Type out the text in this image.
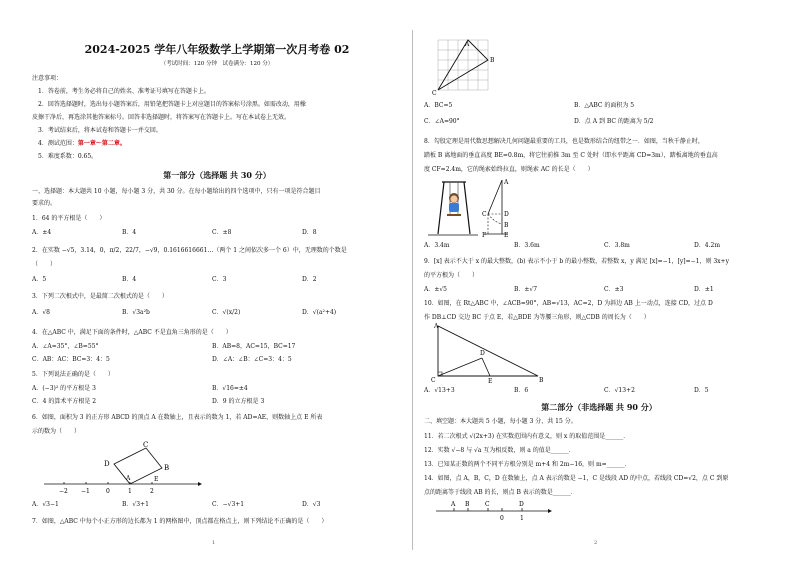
2024-2025 学年八年级数学上学期第一次月考卷 02
（考试时间：120 分钟　试卷满分：120 分）
注意事项：
1．答卷前，考生务必将自己的姓名、准考证号填写在答题卡上。
2．回答选择题时，选出每小题答案后，用铅笔把答题卡上对应题目的答案标号涂黑。如需改动，用橡
皮擦干净后，再选涂其他答案标号。回答非选择题时，将答案写在答题卡上。写在本试卷上无效。
3．考试结束后，将本试卷和答题卡一并交回。
4．测试范围：第一章～第二章。
5．难度系数：0.65。
第一部分（选择题 共 30 分）
一、选择题：本大题共 10 小题，每小题 3 分，共 30 分。在每小题给出的四个选项中，只有一项是符合题目
要求的。
1．64 的平方根是（　　）
A．±4	B．4	C．±8	D．8
2．在实数 −√5，3.14，0，π/2，22/7，−√9，0.1616616661…（两个 1 之间依次多一个 6）中，无理数的个数是
（　　）
A．5	B．4	C．3	D．2
3．下列二次根式中，是最简二次根式的是（　　）
A．√8	B．√3a²b	C．√(x/2)	D．√(a²+4)
4．在△ABC 中，满足下面的条件时，△ABC 不是直角三角形的是（　　）
A．∠A=35°，∠B=55°	B．AB=8，AC=15，BC=17
C．AB：AC：BC=3：4：5	D．∠A：∠B：∠C=3：4：5
5．下列说法正确的是（　　）
A．(−3)² 的平方根是 3	B．√16=±4
C．4 的算术平方根是 2	D．9 的立方根是 3
6．如图，面积为 3 的正方形 ABCD 的顶点 A 在数轴上，且表示的数为 1，若 AD=AE，则数轴上点 E 所表
示的数为（　　）
D
C
B
A	E
−2 −1	0	1	2
A．√3−1	B．√3+1	C．−√3+1	D．√3
7．如图，△ABC 中每个小正方形的边长都为 1 的网格图中，顶点都在格点上，则下列结论不正确的是（　　）
1
A
B
C
A．BC=5	B．△ABC 的面积为 5
C．∠A=90°	D．点 A 到 BC 的距离为 5/2
8．勾股定理是用代数思想解决几何问题最重要的工具，也是数形结合的纽带之一．如图，当秋千静止时，
踏板 B 离地面的垂直高度 BE=0.8m，将它往前推 3m 至 C 处时（即水平距离 CD=3m），踏板离地的垂直高
度 CF=2.4m，它的绳索始终拉直，则绳索 AC 的长是（　　）
A
B
C	D
E
F
A．3.4m	B．3.6m	C．3.8m	D．4.2m
9．[x] 表示不大于 x 的最大整数，(b) 表示不小于 b 的最小整数，若整数 x，y 满足 [x]=−1，[y]=−1，则 3x+y
的平方根为（　　）
A．±√5	B．±√7	C．±3	D．±1
10．如图，在 Rt△ABC 中，∠ACB=90°，AB=√13，AC=2，D 为斜边 AB 上一动点，连接 CD，过点 D
作 DB⊥CD 交边 BC 于点 E，若△BDE 为等腰三角形，则△CDB 的周长为（　　）
A
D
C	E	B
A．√13+3	B．6	C．√13+2	D．5
第二部分（非选择题 共 90 分）
二、填空题：本大题共 5 小题，每小题 3 分，共 15 分。
11．若二次根式 √(2x+3) 在实数范围内有意义，则 x 的取值范围是______．
12．实数 √−8 与 √a 互为相反数，则 a 的值是______．
13．已知某正数的两个不同平方根分别是 m+4 和 2m−16，则 m=______．
14．如图，点 A，B，C，D 在数轴上，点 A 表示的数是 −1，C 是线段 AD 的中点，若线段 CD=√2，点 C 到原
点的距离等于线段 AB 的长，则点 B 表示的数是______．
A B	C	D
0	1
2
